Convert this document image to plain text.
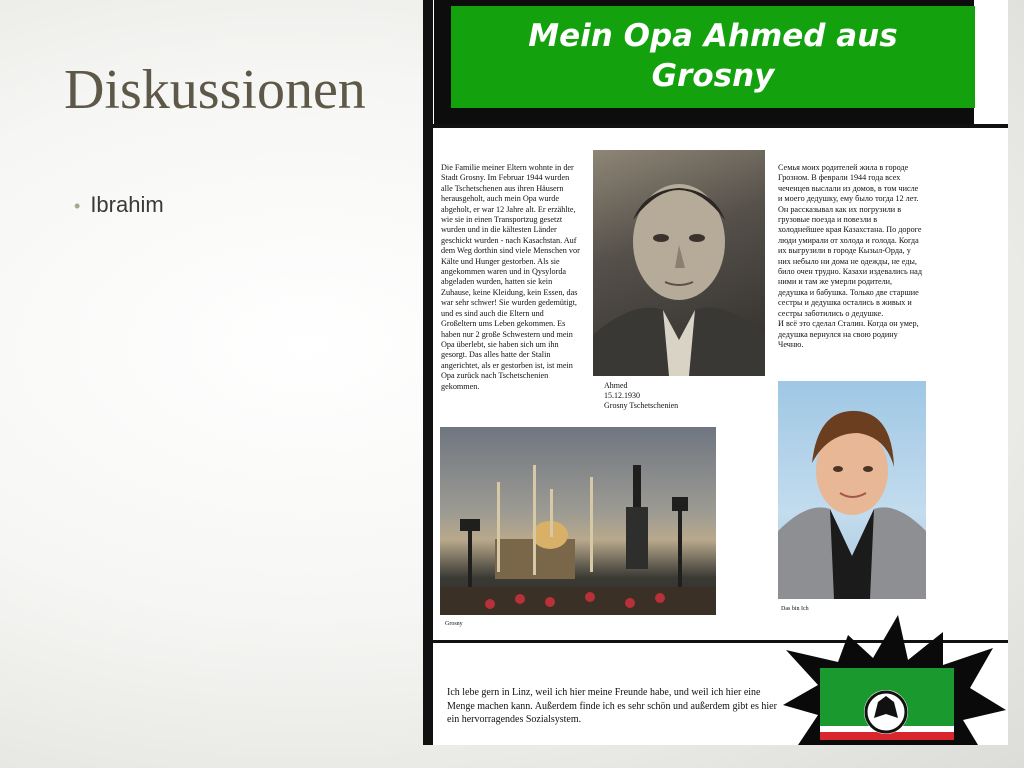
Diskussionen
• Ibrahim
Mein Opa Ahmed aus
Grosny
Die Familie meiner Eltern wohnte in der Stadt Grosny. Im Februar 1944 wurden alle Tschetschenen aus ihren Häusern herausgeholt, auch mein Opa wurde abgeholt, er war 12 Jahre alt. Er erzählte, wie sie in einen Transportzug gesetzt wurden und in die kältesten Länder geschickt wurden - nach Kasachstan. Auf dem Weg dorthin sind viele Menschen vor Kälte und Hunger gestorben. Als sie angekommen waren und in Qysylorda abgeladen wurden, hatten sie kein Zuhause, keine Kleidung, kein Essen, das war sehr schwer! Sie wurden gedemütigt, und es sind auch die Eltern und Großeltern ums Leben gekommen. Es haben nur 2 große Schwestern und mein Opa überlebt, sie haben sich um ihn gesorgt. Das alles hatte der Stalin angerichtet, als er gestorben ist, ist mein Opa zurück nach Tschetschenien gekommen.	Ahmed
15.12.1930
Grosny Tschetschenien
Семья моих родителей жила в городе Грозном. В феврали 1944 года всех чеченцев выслали из домов, в том числе и моего дедушку, ему было тогда 12 лет. Он рассказывал как их погрузили в грузовые поезда и повезли в холоднейшее края Казахстана. По дороге люди умирали от холода и голода. Когда их выгрузили в городе Кызыл-Орда, у них небыло ни дома не одежды, не еды, било очен трудно. Казахи издевались над ними и там же умерли родители, дедушка и бабушка. Только две старшие сестры и дедушка остались в живых и сестры заботились о дедушке.
И всё это сделал Сталин. Когда он умер, дедушка вернулся на свою родину Чечню.
Grosny
Das bin Ich
Ich lebe gern in Linz, weil ich hier meine Freunde habe, und weil ich hier eine Menge machen kann. Außerdem finde ich es sehr schön und außerdem gibt es hier ein hervorragendes Sozialsystem.
